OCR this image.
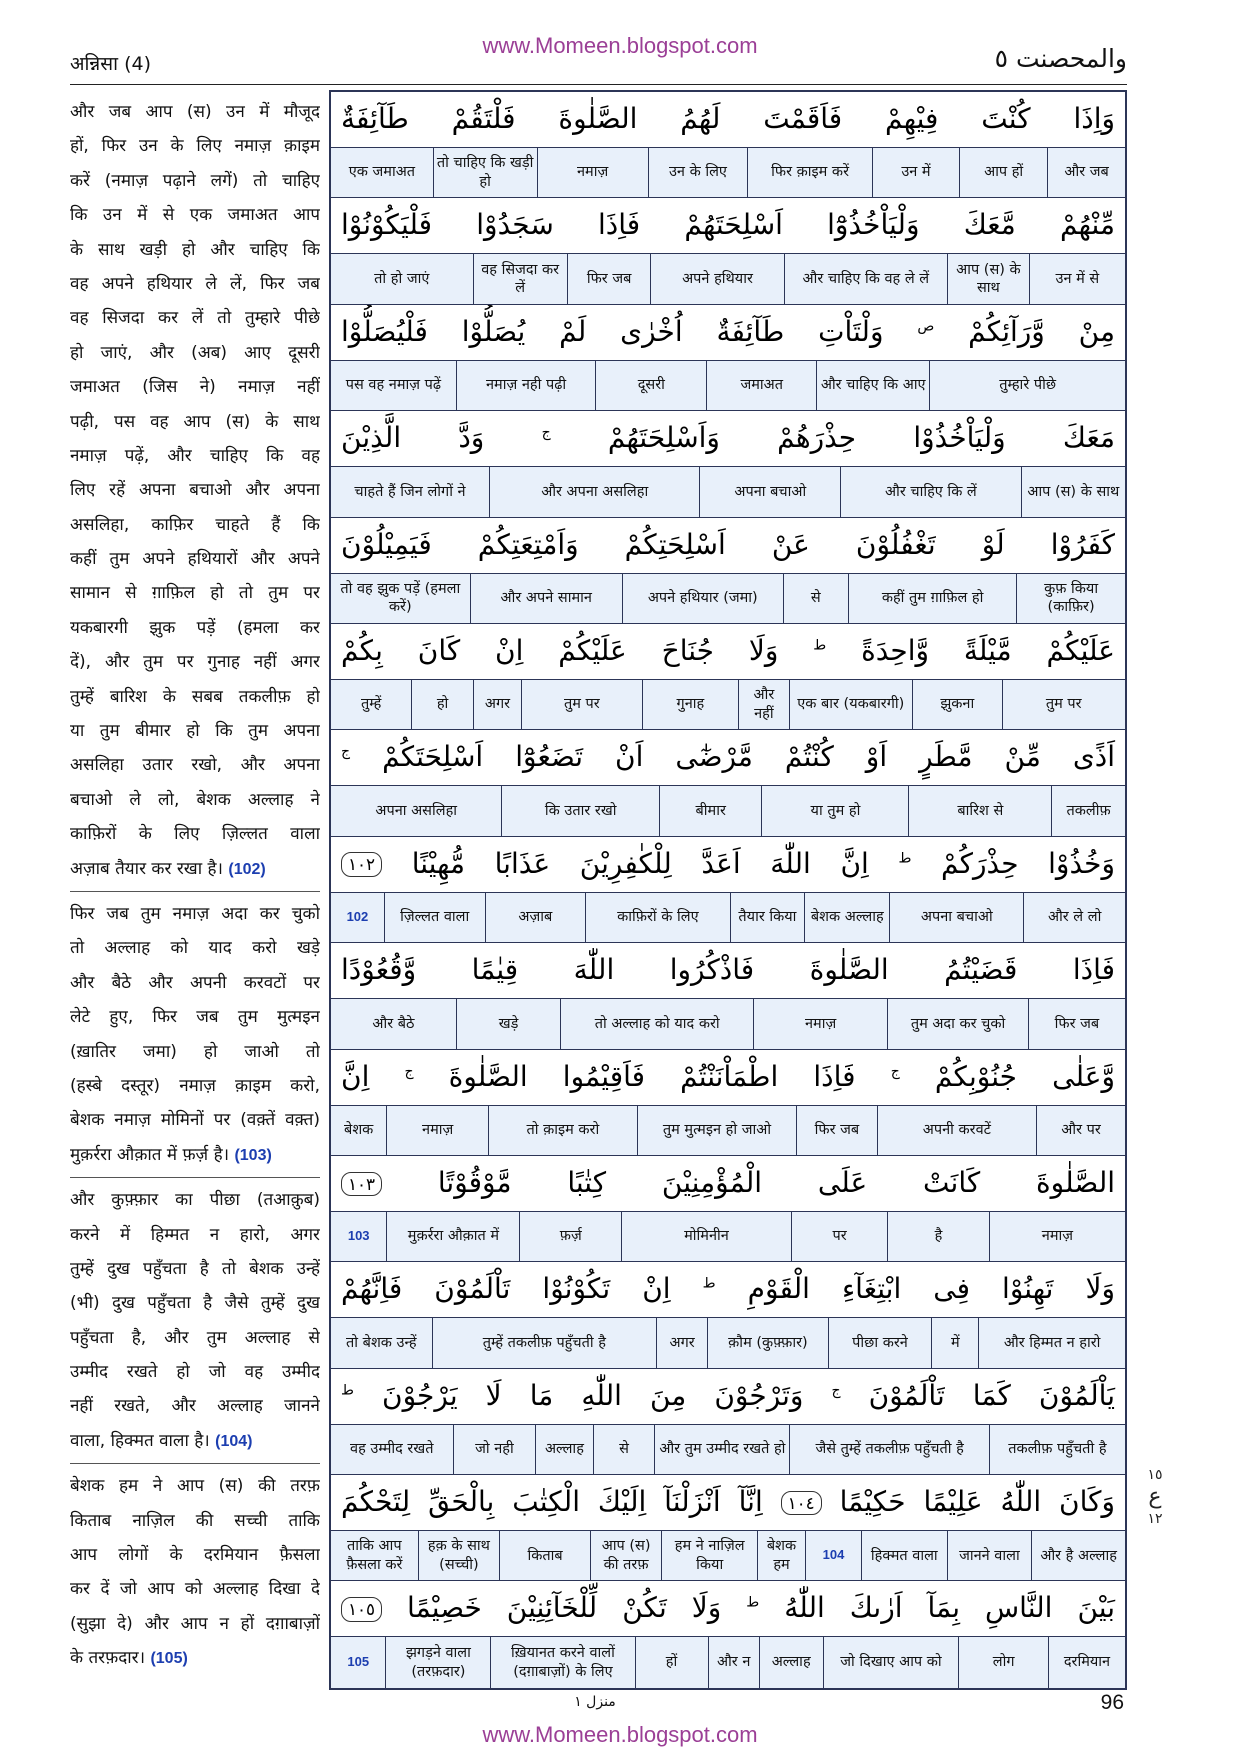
www.Momeen.blogspot.com
अन्निसा (4)	والمحصنت ٥
और जब आप (स) उन में मौजूद
हों, फिर उन के लिए नमाज़ क़ाइम
करें (नमाज़ पढ़ाने लगें) तो चाहिए
कि उन में से एक जमाअत आप
के साथ खड़ी हो और चाहिए कि
वह अपने हथियार ले लें, फिर जब
वह सिजदा कर लें तो तुम्हारे पीछे
हो जाएं, और (अब) आए दूसरी
जमाअत (जिस ने) नमाज़ नहीं
पढ़ी, पस वह आप (स) के साथ
नमाज़ पढ़ें, और चाहिए कि वह
लिए रहें अपना बचाओ और अपना
असलिहा, काफ़िर चाहते हैं कि
कहीं तुम अपने हथियारों और अपने
सामान से ग़ाफ़िल हो तो तुम पर
यकबारगी झुक पड़ें (हमला कर
दें), और तुम पर गुनाह नहीं अगर
तुम्हें बारिश के सबब तकलीफ़ हो
या तुम बीमार हो कि तुम अपना
असलिहा उतार रखो, और अपना
बचाओ ले लो, बेशक अल्लाह ने
काफ़िरों के लिए ज़िल्लत वाला
अज़ाब तैयार कर रखा है। (102)
फिर जब तुम नमाज़ अदा कर चुको
तो अल्लाह को याद करो खड़े
और बैठे और अपनी करवटों पर
लेटे हुए, फिर जब तुम मुत्मइन
(ख़ातिर जमा) हो जाओ तो
(हस्बे दस्तूर) नमाज़ क़ाइम करो,
बेशक नमाज़ मोमिनों पर (वक़्तें वक़्त)
मुक़र्ररा औक़ात में फ़र्ज़ है। (103)
और कुफ़्फ़ार का पीछा (तआक़ुब)
करने में हिम्मत न हारो, अगर
तुम्हें दुख पहुँचता है तो बेशक उन्हें
(भी) दुख पहुँचता है जैसे तुम्हें दुख
पहुँचता है, और तुम अल्लाह से
उम्मीद रखते हो जो वह उम्मीद
नहीं रखते, और अल्लाह जानने
वाला, हिक्मत वाला है। (104)
बेशक हम ने आप (स) की तरफ़
किताब नाज़िल की सच्ची ताकि
आप लोगों के दरमियान फ़ैसला
कर दें जो आप को अल्लाह दिखा दे
(सुझा दे) और आप न हों दग़ाबाज़ों
के तरफ़दार। (105)
وَاِذَا كُنْتَ فِيْهِمْ فَاَقَمْتَ لَهُمُ الصَّلٰوةَ فَلْتَقُمْ طَآئِفَةٌ
और जब
आप हों
उन में
फिर क़ाइम करें
उन के लिए
नमाज़
तो चाहिए कि खड़ी हो
एक जमाअत
مِّنْهُمْ مَّعَكَ وَلْيَاْخُذُوْٓا اَسْلِحَتَهُمْ فَاِذَا سَجَدُوْا فَلْيَكُوْنُوْا
उन में से
आप (स) के साथ
और चाहिए कि वह ले लें
अपने हथियार
फिर जब
वह सिजदा कर लें
तो हो जाएं
مِنْ وَّرَآئِكُمْ $^ص$ وَلْتَاْتِ طَآئِفَةٌ اُخْرٰى لَمْ يُصَلُّوْا فَلْيُصَلُّوْا
तुम्हारे पीछे
और चाहिए कि आए
जमाअत
दूसरी
नमाज़ नही पढ़ी
पस वह नमाज़ पढ़ें
مَعَكَ وَلْيَاْخُذُوْا حِذْرَهُمْ وَاَسْلِحَتَهُمْ $^ج$ وَدَّ الَّذِيْنَ
आप (स) के साथ
और चाहिए कि लें
अपना बचाओ
और अपना असलिहा
चाहते हैं जिन लोगों ने
كَفَرُوْا لَوْ تَغْفُلُوْنَ عَنْ اَسْلِحَتِكُمْ وَاَمْتِعَتِكُمْ فَيَمِيْلُوْنَ
कुफ़ किया (काफ़िर)
कहीं तुम ग़ाफ़िल हो
से
अपने हथियार (जमा)
और अपने सामान
तो वह झुक पड़ें (हमला करें)
عَلَيْكُمْ مَّيْلَةً وَّاحِدَةً $^ط$ وَلَا جُنَاحَ عَلَيْكُمْ اِنْ كَانَ بِكُمْ
तुम पर
झुकना
एक बार (यकबारगी)
और नहीं
गुनाह
तुम पर
अगर
हो
तुम्हें
اَذًى مِّنْ مَّطَرٍ اَوْ كُنْتُمْ مَّرْضٰٓى اَنْ تَضَعُوْٓا اَسْلِحَتَكُمْ $^ج$
तकलीफ़
बारिश से
या तुम हो
बीमार
कि उतार रखो
अपना असलिहा
وَخُذُوْا حِذْرَكُمْ $^ط$ اِنَّ اللّٰهَ اَعَدَّ لِلْكٰفِرِيْنَ عَذَابًا مُّهِيْنًا ١٠٢
और ले लो
अपना बचाओ
बेशक अल्लाह
तैयार किया
काफ़िरों के लिए
अज़ाब
ज़िल्लत वाला
102
فَاِذَا قَضَيْتُمُ الصَّلٰوةَ فَاذْكُرُوا اللّٰهَ قِيٰمًا وَّقُعُوْدًا
फिर जब
तुम अदा कर चुको
नमाज़
तो अल्लाह को याद करो
खड़े
और बैठे
وَّعَلٰى جُنُوْبِكُمْ $^ج$ فَاِذَا اطْمَاْنَنْتُمْ فَاَقِيْمُوا الصَّلٰوةَ $^ج$ اِنَّ
और पर
अपनी करवटें
फिर जब
तुम मुत्मइन हो जाओ
तो क़ाइम करो
नमाज़
बेशक
الصَّلٰوةَ كَانَتْ عَلَى الْمُؤْمِنِيْنَ كِتٰبًا مَّوْقُوْتًا ١٠٣
नमाज़
है
पर
मोमिनीन
फ़र्ज़
मुक़र्ररा औक़ात में
103
وَلَا تَهِنُوْا فِى ابْتِغَآءِ الْقَوْمِ $^ط$ اِنْ تَكُوْنُوْا تَاْلَمُوْنَ فَاِنَّهُمْ
और हिम्मत न हारो
में
पीछा करने
क़ौम (कुफ़्फ़ार)
अगर
तुम्हें तकलीफ़ पहुँचती है
तो बेशक उन्हें
يَاْلَمُوْنَ كَمَا تَاْلَمُوْنَ $^ج$ وَتَرْجُوْنَ مِنَ اللّٰهِ مَا لَا يَرْجُوْنَ $^ط$
तकलीफ़ पहुँचती है
जैसे तुम्हें तकलीफ़ पहुँचती है
और तुम उम्मीद रखते हो
से
अल्लाह
जो नही
वह उम्मीद रखते
وَكَانَ اللّٰهُ عَلِيْمًا حَكِيْمًا ١٠٤ اِنَّآ اَنْزَلْنَآ اِلَيْكَ الْكِتٰبَ بِالْحَقِّ لِتَحْكُمَ
और है अल्लाह
जानने वाला
हिक्मत वाला
104
बेशक हम
हम ने नाज़िल किया
आप (स) की तरफ़
किताब
हक़ के साथ (सच्ची)
ताकि आप फ़ैसला करें
بَيْنَ النَّاسِ بِمَآ اَرٰىكَ اللّٰهُ $^ط$ وَلَا تَكُنْ لِّلْخَآئِنِيْنَ خَصِيْمًا ١٠٥
दरमियान
लोग
जो दिखाए आप को
अल्लाह
और न
हों
ख़ियानत करने वालों (दग़ाबाज़ों) के लिए
झगड़ने वाला (तरफ़दार)
105
١٥
ع
١٢
منزل ١	96
www.Momeen.blogspot.com
